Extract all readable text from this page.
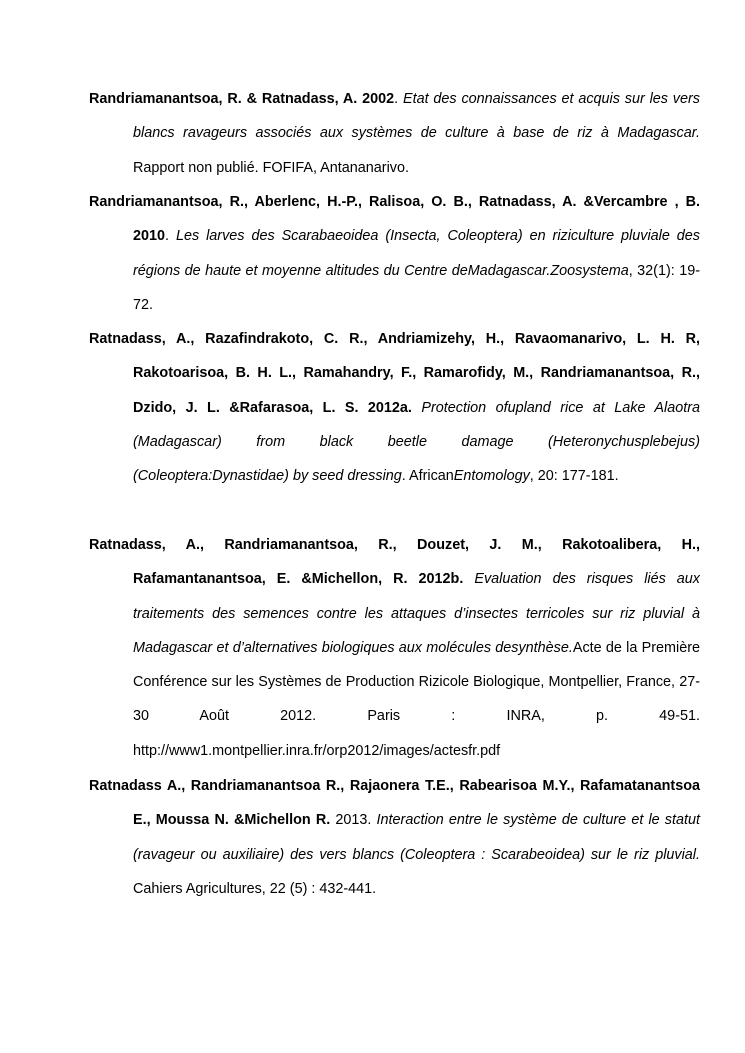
Randriamanantsoa, R. & Ratnadass, A. 2002. Etat des connaissances et acquis sur les vers blancs ravageurs associés aux systèmes de culture à base de riz à Madagascar. Rapport non publié. FOFIFA, Antananarivo.

Randriamanantsoa, R., Aberlenc, H.-P., Ralisoa, O. B., Ratnadass, A. &Vercambre , B. 2010. Les larves des Scarabaeoidea (Insecta, Coleoptera) en riziculture pluviale des régions de haute et moyenne altitudes du Centre deMadagascar.Zoosystema, 32(1): 19-72.

Ratnadass, A., Razafindrakoto, C. R., Andriamizehy, H., Ravaomanarivo, L. H. R, Rakotoarisoa, B. H. L., Ramahandry, F., Ramarofidy, M., Randriamanantsoa, R., Dzido, J. L. &Rafarasoa, L. S. 2012a. Protection ofupland rice at Lake Alaotra (Madagascar) from black beetle damage (Heteronychusplebejus) (Coleoptera:Dynastidae) by seed dressing. AfricanEntomology, 20: 177-181.

Ratnadass, A., Randriamanantsoa, R., Douzet, J. M., Rakotoalibera, H., Rafamantanantsoa, E. &Michellon, R. 2012b. Evaluation des risques liés aux traitements des semences contre les attaques d’insectes terricoles sur riz pluvial à Madagascar et d’alternatives biologiques aux molécules desynthèse.Acte de la Première Conférence sur les Systèmes de Production Rizicole Biologique, Montpellier, France, 27-30 Août 2012. Paris : INRA, p. 49-51. http://www1.montpellier.inra.fr/orp2012/images/actesfr.pdf

Ratnadass A., Randriamanantsoa R., Rajaonera T.E., Rabearisoa M.Y., Rafamatanantsoa E., Moussa N. &Michellon R. 2013. Interaction entre le système de culture et le statut (ravageur ou auxiliaire) des vers blancs (Coleoptera : Scarabeoidea) sur le riz pluvial. Cahiers Agricultures, 22 (5) : 432-441.
